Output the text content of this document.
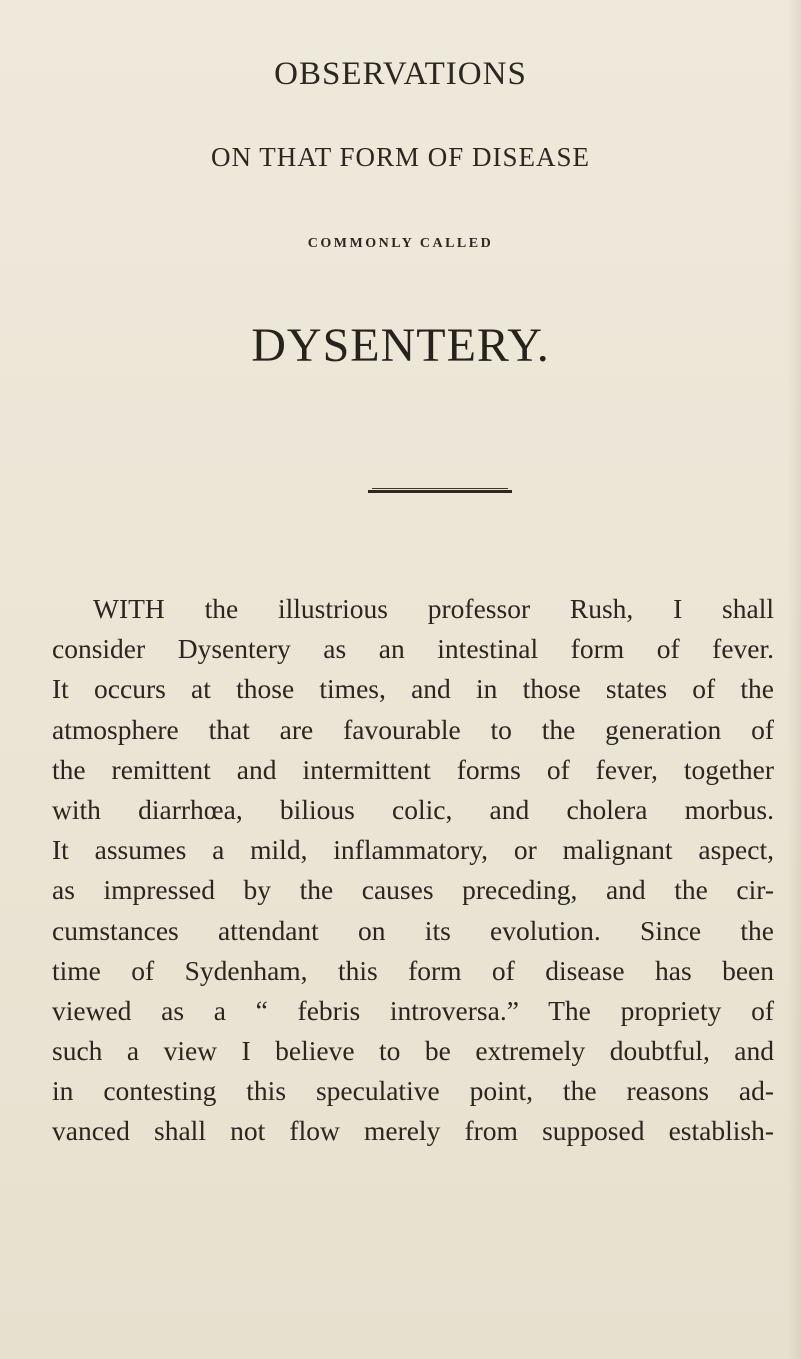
OBSERVATIONS
ON THAT FORM OF DISEASE
COMMONLY CALLED
DYSENTERY.
WITH the illustrious professor Rush, I shall
consider Dysentery as an intestinal form of fever.
It occurs at those times, and in those states of the
atmosphere that are favourable to the generation of
the remittent and intermittent forms of fever, together
with diarrhœa, bilious colic, and cholera morbus.
It assumes a mild, inflammatory, or malignant aspect,
as impressed by the causes preceding, and the cir-
cumstances attendant on its evolution. Since the
time of Sydenham, this form of disease has been
viewed as a “ febris introversa.” The propriety of
such a view I believe to be extremely doubtful, and
in contesting this speculative point, the reasons ad-
vanced shall not flow merely from supposed establish-
